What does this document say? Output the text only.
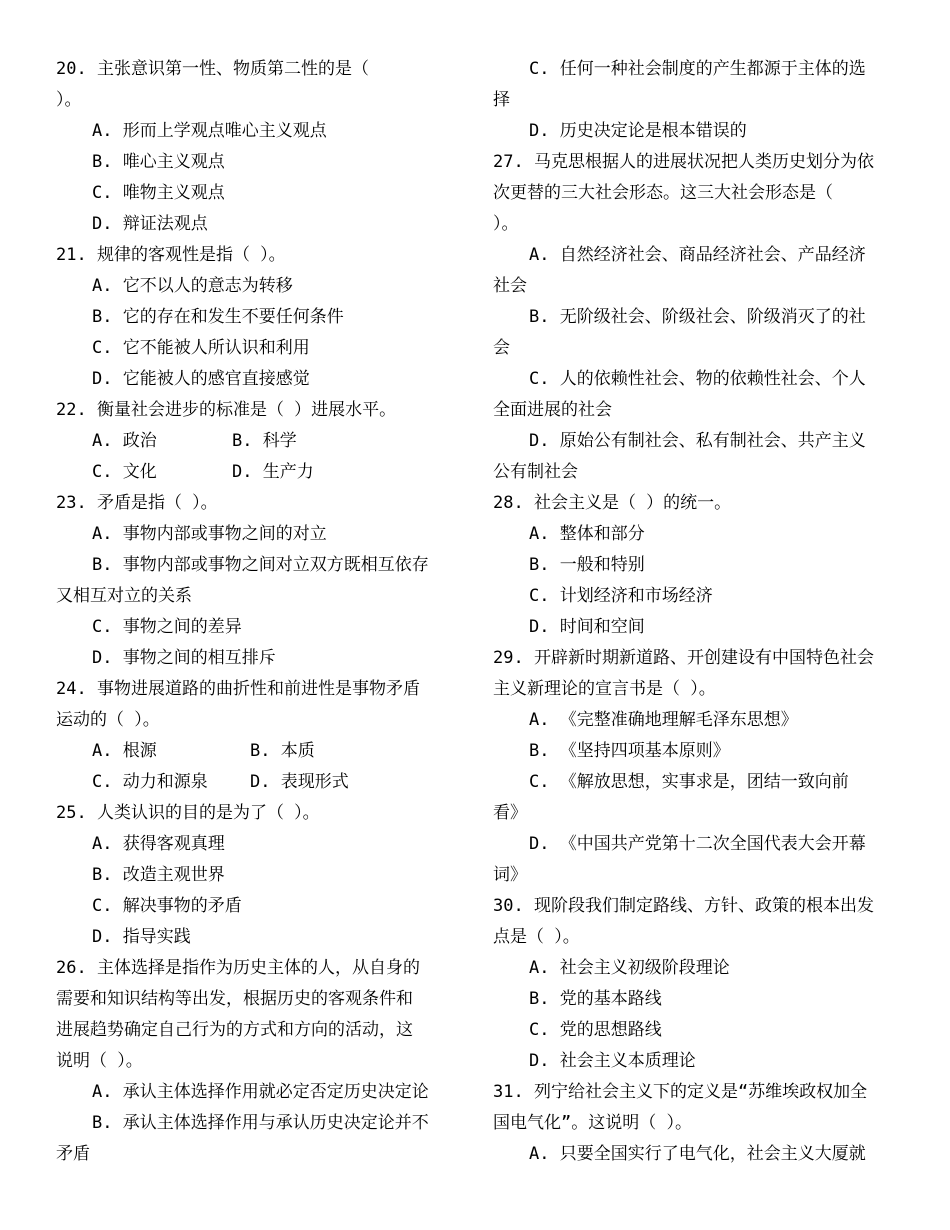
20. 主张意识第一性、物质第二性的是（
）。
A. 形而上学观点唯心主义观点
B. 唯心主义观点
C. 唯物主义观点
D. 辩证法观点
21. 规律的客观性是指（ ）。
A. 它不以人的意志为转移
B. 它的存在和发生不要任何条件
C. 它不能被人所认识和利用
D. 它能被人的感官直接感觉
22. 衡量社会进步的标准是（ ）进展水平。
A. 政治	B. 科学
C. 文化	D. 生产力
23. 矛盾是指（ ）。
A. 事物内部或事物之间的对立
B. 事物内部或事物之间对立双方既相互依存
又相互对立的关系
C. 事物之间的差异
D. 事物之间的相互排斥
24. 事物进展道路的曲折性和前进性是事物矛盾
运动的（ ）。
A. 根源	B. 本质
C. 动力和源泉	D. 表现形式
25. 人类认识的目的是为了（ ）。
A. 获得客观真理
B. 改造主观世界
C. 解决事物的矛盾
D. 指导实践
26. 主体选择是指作为历史主体的人，从自身的
需要和知识结构等出发，根据历史的客观条件和
进展趋势确定自己行为的方式和方向的活动，这
说明（ ）。
A. 承认主体选择作用就必定否定历史决定论
B. 承认主体选择作用与承认历史决定论并不
矛盾
C. 任何一种社会制度的产生都源于主体的选
择
D. 历史决定论是根本错误的
27. 马克思根据人的进展状况把人类历史划分为依
次更替的三大社会形态。这三大社会形态是（
）。
A. 自然经济社会、商品经济社会、产品经济
社会
B. 无阶级社会、阶级社会、阶级消灭了的社
会
C. 人的依赖性社会、物的依赖性社会、个人
全面进展的社会
D. 原始公有制社会、私有制社会、共产主义
公有制社会
28. 社会主义是（ ）的统一。
A. 整体和部分
B. 一般和特别
C. 计划经济和市场经济
D. 时间和空间
29. 开辟新时期新道路、开创建设有中国特色社会
主义新理论的宣言书是（ ）。
A. 《完整准确地理解毛泽东思想》
B. 《坚持四项基本原则》
C. 《解放思想，实事求是，团结一致向前
看》
D. 《中国共产党第十二次全国代表大会开幕
词》
30. 现阶段我们制定路线、方针、政策的根本出发
点是（ ）。
A. 社会主义初级阶段理论
B. 党的基本路线
C. 党的思想路线
D. 社会主义本质理论
31. 列宁给社会主义下的定义是“苏维埃政权加全
国电气化”。这说明（ ）。
A. 只要全国实行了电气化，社会主义大厦就
